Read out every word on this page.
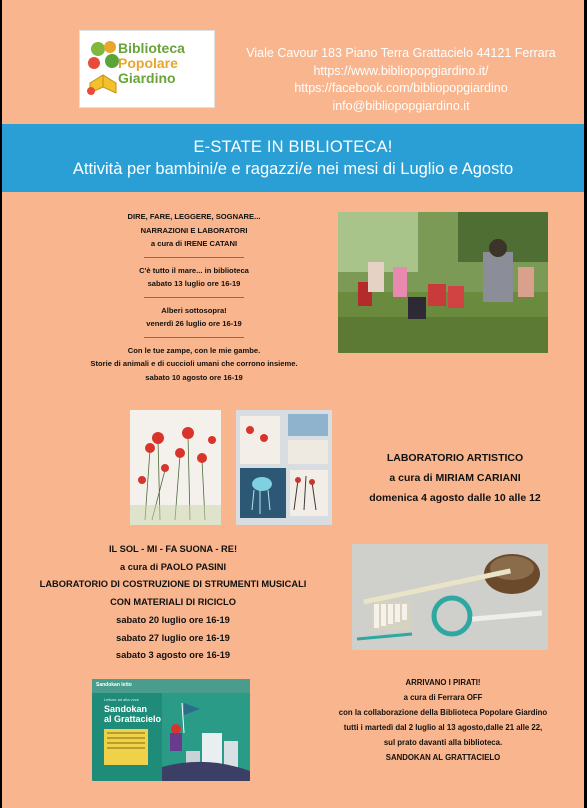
Biblioteca
Popolare
Giardino
Viale Cavour 183 Piano Terra Grattacielo 44121 Ferrara
https://www.bibliopopgiardino.it/
https://facebook.com/bibliopopgiardino
info@bibliopopgiardino.it
E-STATE IN BIBLIOTECA!
Attività per bambini/e e ragazzi/e nei mesi di Luglio e Agosto
DIRE, FARE, LEGGERE, SOGNARE...
NARRAZIONI E LABORATORI
a cura di IRENE CATANI
C'è tutto il mare... in biblioteca
sabato 13 luglio ore 16-19
Alberi sottosopra!
venerdì 26 luglio ore 16-19
Con le tue zampe, con le mie gambe.
Storie di animali e di cuccioli umani che corrono insieme.
sabato 10 agosto ore 16-19
LABORATORIO ARTISTICO
a cura di MIRIAM CARIANI
domenica 4 agosto dalle 10 alle 12
IL SOL - MI - FA SUONA - RE!
a cura di PAOLO PASINI
LABORATORIO DI COSTRUZIONE DI STRUMENTI MUSICALI
CON MATERIALI DI RICICLO
sabato 20 luglio ore 16-19
sabato 27 luglio ore 16-19
sabato 3 agosto ore 16-19
Sandokan letto
Letture ad alta voce
Sandokan
al Grattacielo
ARRIVANO I PIRATI!
a cura di Ferrara OFF
con la collaborazione della Biblioteca Popolare Giardino
tutti i martedì dal 2 luglio al 13 agosto,dalle 21 alle 22,
sul prato davanti alla biblioteca.
SANDOKAN AL GRATTACIELO
